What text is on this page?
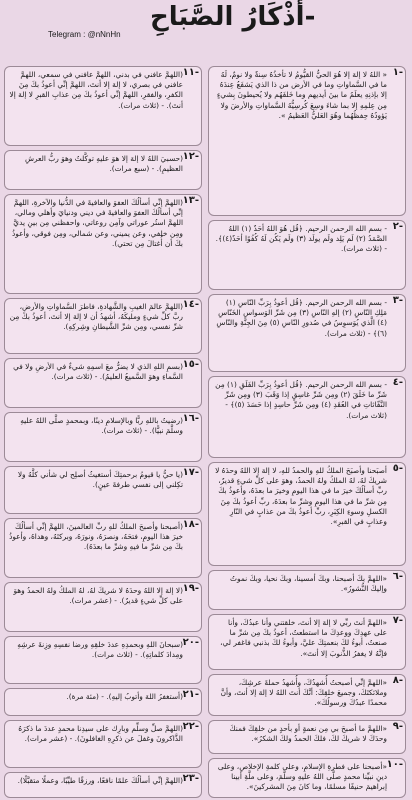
-أَذْكَارُ الصَّبَاحِ
Telegram : @nNnHn
١-
« اللهُ لا إلهَ إلا هُوَ الحيُّ القيُّومُ لا تأخذُهُ سِنةٌ ولا نومٌ، لَهُ ما في السَّماواتِ وما في الأرض من ذا الذي يَشفَعُ عِندَهُ إلا بإذنِهِ يعلَمُ ما بينَ أيديهم وما خَلفَهُم ولا يُحيطونَ بِشيءٍ مِن عِلمِهِ إلا بما شاءَ وسِعَ كُرسِيُّهُ السَّماواتِ والأرضَ ولا يَؤودُهُ حِفظُهُما وهُوَ العَليُّ العَظيمُ ».
٢-
- بسم الله الرحمن الرحيم. ﴿قُل هُوَ اللهُ أحَدٌ (١) اللهُ الصَّمَدُ (٢) لَم يَلِد ولَم يولَد (٣) ولَم يَكُن لَهُ كُفُوًا أحَدٌ(٤)﴾. - (ثلاث مرات).
٣-
- بسم الله الرحمن الرحيم. ﴿قُل أعوذُ بِرَبِّ النّاسِ (١) مَلِكِ النّاسِ (٢) إلهِ النّاسِ (٣) مِن شَرِّ الوَسواسِ الخَنّاسِ (٤) الَّذي يُوَسوِسُ في صُدورِ النّاسِ (٥) مِنَ الجِنَّةِ والنّاسِ (٦)﴾ - (ثلاث مرات).
٤-
- بسم الله الرحمن الرحيم. ﴿قُل أعوذُ بِرَبِّ الفَلَقِ (١) مِن شَرِّ ما خَلَقَ (٢) ومِن شَرِّ غاسِقٍ إذا وَقَبَ (٣) ومِن شَرِّ النَّفّاثاتِ في العُقَدِ (٤) ومِن شَرِّ حاسِدٍ إذا حَسَدَ (٥)﴾ - (ثلاث مرات).
٥-
أصبَحنا وأصبَحَ الملكُ للهِ والحمدُ للهِ، لا إلهَ إلا اللهُ وحدَهُ لا شريكَ لهُ، لهُ الملكُ ولهُ الحمدُ، وهوَ على كلِّ شيءٍ قديرٌ، ربِّ أسألُكَ خيرَ ما في هذا اليومِ وخيرَ ما بعدَهُ، وأعوذُ بكَ مِن شرِّ ما في هذا اليومِ وشرِّ ما بعدَهُ، ربِّ أعوذُ بكَ مِنَ الكسلِ وسوءِ الكِبَرِ، ربِّ أعوذُ بكَ من عذابٍ في النّارِ وعذابٍ في القبرِ».
٦-
«اللهمَّ بكَ أصبحنا، وبكَ أمسينا، وبكَ نحيا، وبكَ نموتُ وإليكَ النُّشورُ».
٧-
«اللهمَّ أنتَ ربِّي لا إلهَ إلا أنتَ، خلقتني وأنا عبدُكَ، وأنا على عهدِكَ ووعدِكَ ما استطعتُ، أعوذُ بكَ مِن شرِّ ما صنعتُ، أبوءُ لكَ بنعمتِكَ عليَّ، وأبوءُ لكَ بذنبي فاغفر لي، فإنَّهُ لا يغفرُ الذُّنوبَ إلا أنتَ».
٨-
«اللهمَّ إنِّي أصبحتُ أُشهدُكَ، وأُشهدُ حملةَ عرشِكَ، وملائكتَكَ، وجميعَ خلقِكَ: أنَّكَ أنتَ اللهُ لا إلهَ إلا أنتَ، وأنَّ محمدًا عبدُكَ ورسولُكَ».
٩-
«اللهمَّ ما أصبحَ بي مِن نعمةٍ أو بأحدٍ من خلقِكَ فمنكَ وحدَكَ لا شريكَ لكَ، فلكَ الحمدُ ولكَ الشكرُ».
١٠-
«أصبحنا على فطرةِ الإسلامِ، وعلى كلمةِ الإخلاصِ، وعلى دينِ نبيِّنا محمدٍ صلَّى اللهُ عليهِ وسلَّمَ، وعلى ملَّةِ أبينا إبراهيمَ حنيفًا مسلمًا، وما كانَ مِنَ المشركينَ».
١١-
(اللهمَّ عافني في بدني، اللهمَّ عافني في سمعي، اللهمَّ عافني في بصري، لا إلهَ إلا أنتَ، اللهمَّ إنِّي أعوذُ بكَ مِنَ الكفرِ، والفقرِ، اللهمَّ إنِّي أعوذُ بكَ مِن عذابِ القبرِ لا إلهَ إلا أنتَ). - (ثلاث مرات).
١٢-
(حسبيَ اللهُ لا إلهَ إلا هوَ عليهِ توكَّلتُ وهوَ ربُّ العرشِ العظيمِ). - (سبع مرات).
١٣-
(اللهمَّ إنِّي أسألُكَ العفوَ والعافيةَ في الدُّنيا والآخرةِ، اللهمَّ إنِّي أسألُكَ العفوَ والعافيةَ في ديني ودنيايَ وأهلي ومالي، اللهمَّ استُر عوراتي وآمِن روعاتي، واحفظني مِن بينِ يديَّ ومِن خلفي، وعن يميني، وعن شمالي، ومِن فوقي، وأعوذُ بكَ أن أُغتالَ مِن تحتي).
١٤-
(اللهمَّ عالمَ الغيبِ والشَّهادةِ، فاطرَ السَّماواتِ والأرضِ، ربَّ كلِّ شيءٍ ومليكَهُ، أشهدُ أن لا إلهَ إلا أنتَ، أعوذُ بكَ مِن شرِّ نفسي، ومِن شرِّ الشَّيطانِ وشِركِهِ).
١٥-
(بسمِ اللهِ الذي لا يضرُّ معَ اسمِهِ شيءٌ في الأرضِ ولا في السَّماءِ وهوَ السَّميعُ العليمُ). - (ثلاث مرات).
١٦-
(رضيتُ باللهِ ربًّا وبالإسلامِ دينًا، وبمحمدٍ صلَّى اللهُ عليهِ وسلَّمَ نبيًّا). - (ثلاث مرات).
١٧-
(يا حيُّ يا قيومُ برحمتِكَ أستغيثُ أصلِح لي شأني كلَّهُ ولا تكِلني إلى نفسي طرفةَ عينٍ).
١٨-
(أصبحنا وأصبحَ الملكُ للهِ ربِّ العالمينَ، اللهمَّ إنِّي أسألُكَ خيرَ هذا اليومِ، فتحَهُ، ونصرَهُ، ونورَهُ، وبركتَهُ، وهداهُ، وأعوذُ بكَ مِن شرِّ ما فيهِ وشرِّ ما بعدَهُ).
١٩-
(لا إلهَ إلا اللهُ وحدَهُ لا شريكَ لهُ، لهُ الملكُ ولهُ الحمدُ وهوَ على كلِّ شيءٍ قديرٌ). - (عشر مرات).
٢٠-
(سبحانَ اللهِ وبحمدِهِ عددَ خلقِهِ ورضا نفسِهِ وزِنةَ عرشِهِ ومِدادَ كلماتِهِ). - (ثلاث مرات).
٢١-
(أستغفرُ اللهَ وأتوبُ إليهِ). - (مئة مرة).
٢٢-
(اللهمَّ صلِّ وسلِّم وبارِك على سيدِنا محمدٍ عددَ ما ذكرَهُ الذَّاكرونَ وغفلَ عن ذكرِهِ الغافلونَ). - (عشر مرات).
٢٣-
(اللهمَّ إنِّي أسألُكَ علمًا نافعًا، ورزقًا طيِّبًا، وعملًا متقبَّلًا).
